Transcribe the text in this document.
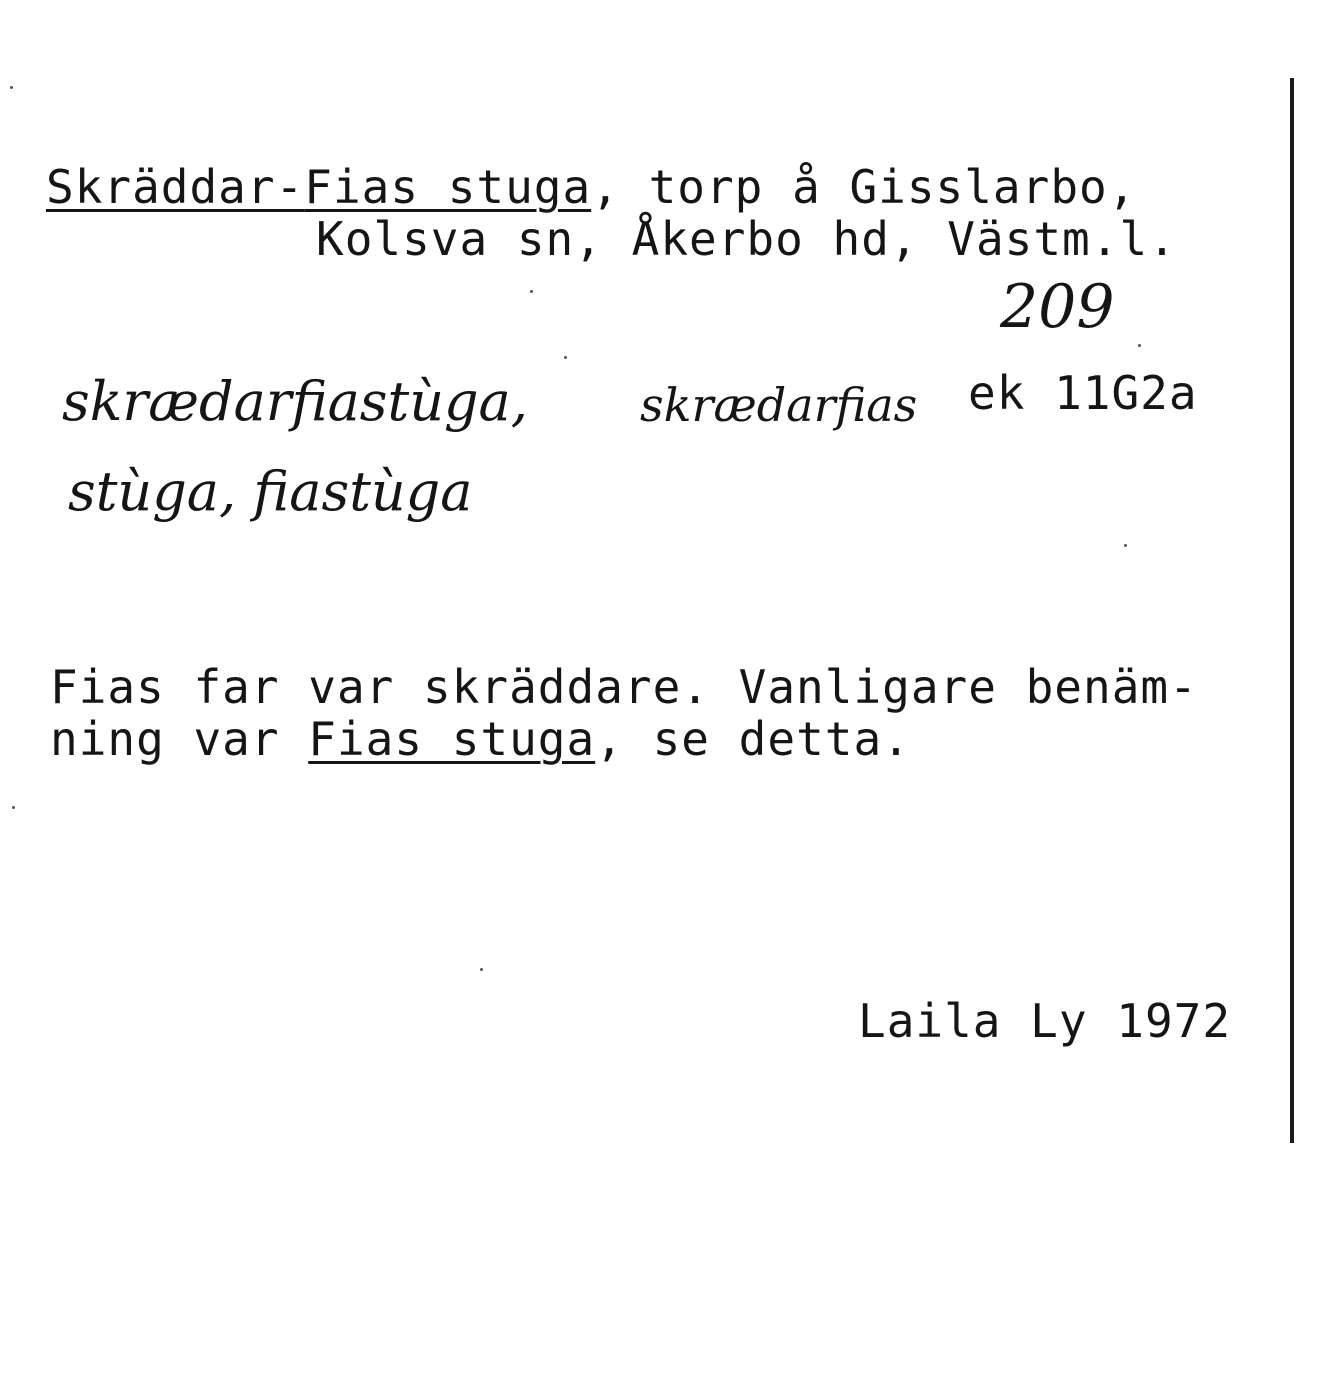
Skräddar-Fias stuga, torp å Gisslarbo,
Kolsva sn, Åkerbo hd, Västm.l.
209
skrædarfiastùga, skrædarfias ek 11G2a
stùga, fiastùga
Fias far var skräddare. Vanligare benäm-
ning var Fias stuga, se detta.
Laila Ly 1972
